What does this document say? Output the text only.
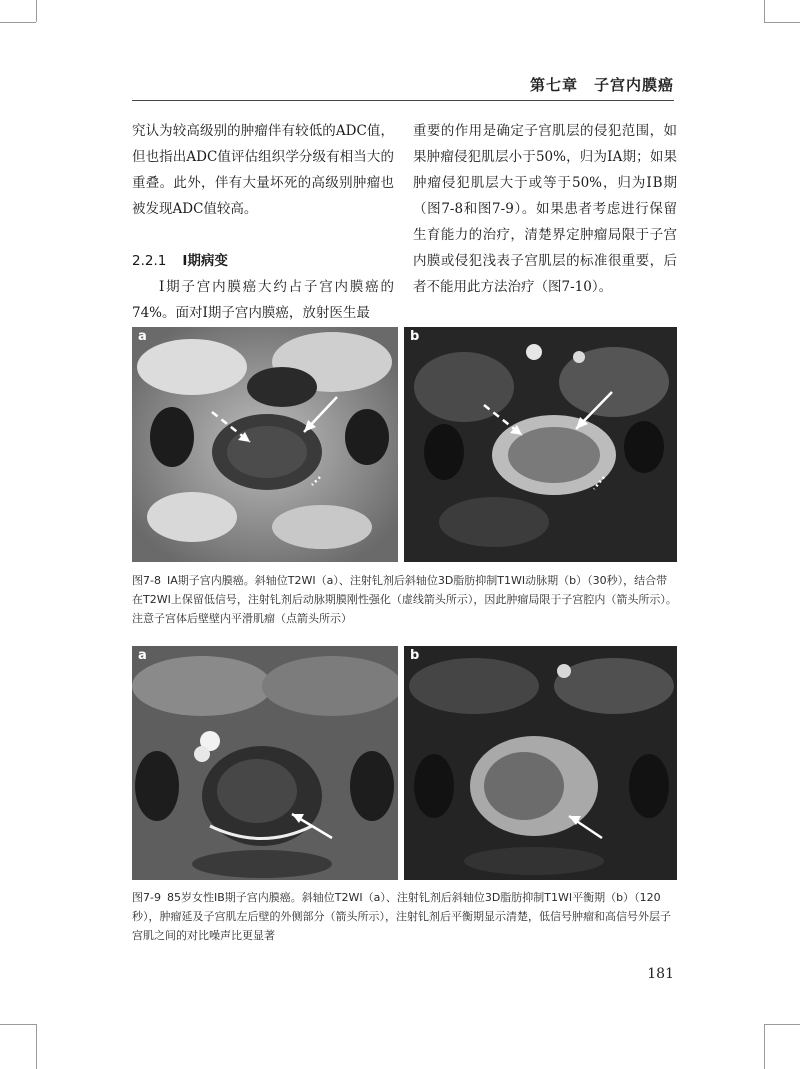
第七章　子宫内膜癌

究认为较高级别的肿瘤伴有较低的ADC值，但也指出ADC值评估组织学分级有相当大的重叠。此外，伴有大量坏死的高级别肿瘤也被发现ADC值较高。

2.2.1 Ⅰ期病变

Ⅰ期子宫内膜癌大约占子宫内膜癌的74%。面对Ⅰ期子宫内膜癌，放射医生最

重要的作用是确定子宫肌层的侵犯范围，如果肿瘤侵犯肌层小于50%，归为ⅠA期；如果肿瘤侵犯肌层大于或等于50%，归为ⅠB期（图7-8和图7-9）。如果患者考虑进行保留生育能力的治疗，清楚界定肿瘤局限于子宫内膜或侵犯浅表子宫肌层的标准很重要，后者不能用此方法治疗（图7-10）。

a	b
图7-8 ⅠA期子宫内膜癌。斜轴位T2WI（a）、注射钆剂后斜轴位3D脂肪抑制T1WI动脉期（b）（30秒），结合带在T2WI上保留低信号，注射钆剂后动脉期膜刚性强化（虚线箭头所示），因此肿瘤局限于子宫腔内（箭头所示）。注意子宫体后壁壁内平滑肌瘤（点箭头所示）
a	b
图7-9 85岁女性ⅠB期子宫内膜癌。斜轴位T2WI（a）、注射钆剂后斜轴位3D脂肪抑制T1WI平衡期（b）（120秒），肿瘤延及子宫肌左后壁的外侧部分（箭头所示），注射钆剂后平衡期显示清楚，低信号肿瘤和高信号外层子宫肌之间的对比噪声比更显著
181
